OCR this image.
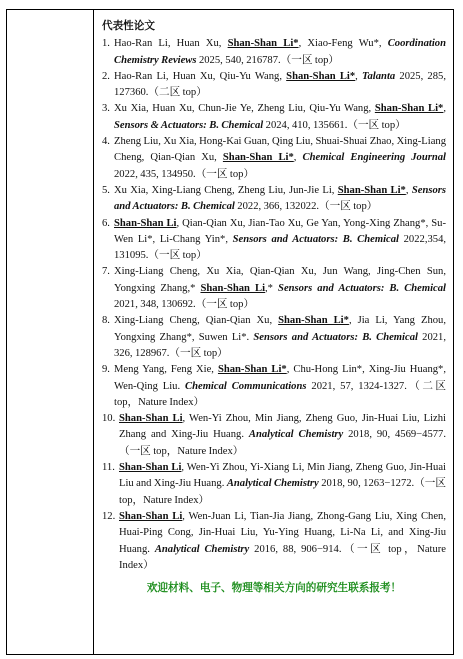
代表性论文
1. Hao-Ran Li, Huan Xu, Shan-Shan Li*, Xiao-Feng Wu*, Coordination Chemistry Reviews 2025, 540, 216787.（一区 top）
2. Hao-Ran Li, Huan Xu, Qiu-Yu Wang, Shan-Shan Li*, Talanta 2025, 285, 127360.（二区 top）
3. Xu Xia, Huan Xu, Chun-Jie Ye, Zheng Liu, Qiu-Yu Wang, Shan-Shan Li*, Sensors & Actuators: B. Chemical 2024, 410, 135661.（一区 top）
4. Zheng Liu, Xu Xia, Hong-Kai Guan, Qing Liu, Shuai-Shuai Zhao, Xing-Liang Cheng, Qian-Qian Xu, Shan-Shan Li*, Chemical Engineering Journal 2022, 435, 134950.（一区 top）
5. Xu Xia, Xing-Liang Cheng, Zheng Liu, Jun-Jie Li, Shan-Shan Li*, Sensors and Actuators: B. Chemical 2022, 366, 132022.（一区 top）
6. Shan-Shan Li, Qian-Qian Xu, Jian-Tao Xu, Ge Yan, Yong-Xing Zhang*, Su-Wen Li*, Li-Chang Yin*, Sensors and Actuators: B. Chemical 2022,354, 131095.（一区 top）
7. Xing-Liang Cheng, Xu Xia, Qian-Qian Xu, Jun Wang, Jing-Chen Sun, Yongxing Zhang,* Shan-Shan Li,* Sensors and Actuators: B. Chemical 2021, 348, 130692.（一区 top）
8. Xing-Liang Cheng, Qian-Qian Xu, Shan-Shan Li*, Jia Li, Yang Zhou, Yongxing Zhang*, Suwen Li*. Sensors and Actuators: B. Chemical 2021, 326, 128967.（一区 top）
9. Meng Yang, Feng Xie, Shan-Shan Li*, Chu-Hong Lin*, Xing-Jiu Huang*, Wen-Qing Liu. Chemical Communications 2021, 57, 1324-1327.（二区 top，Nature Index）
10. Shan-Shan Li, Wen-Yi Zhou, Min Jiang, Zheng Guo, Jin-Huai Liu, Lizhi Zhang and Xing-Jiu Huang. Analytical Chemistry 2018, 90, 4569−4577.（一区 top，Nature Index）
11. Shan-Shan Li, Wen-Yi Zhou, Yi-Xiang Li, Min Jiang, Zheng Guo, Jin-Huai Liu and Xing-Jiu Huang. Analytical Chemistry 2018, 90, 1263−1272.（一区 top，Nature Index）
12. Shan-Shan Li, Wen-Juan Li, Tian-Jia Jiang, Zhong-Gang Liu, Xing Chen, Huai-Ping Cong, Jin-Huai Liu, Yu-Ying Huang, Li-Na Li, and Xing-Jiu Huang. Analytical Chemistry 2016, 88, 906−914.（一区 top，Nature Index）
欢迎材料、电子、物理等相关方向的研究生联系报考！
